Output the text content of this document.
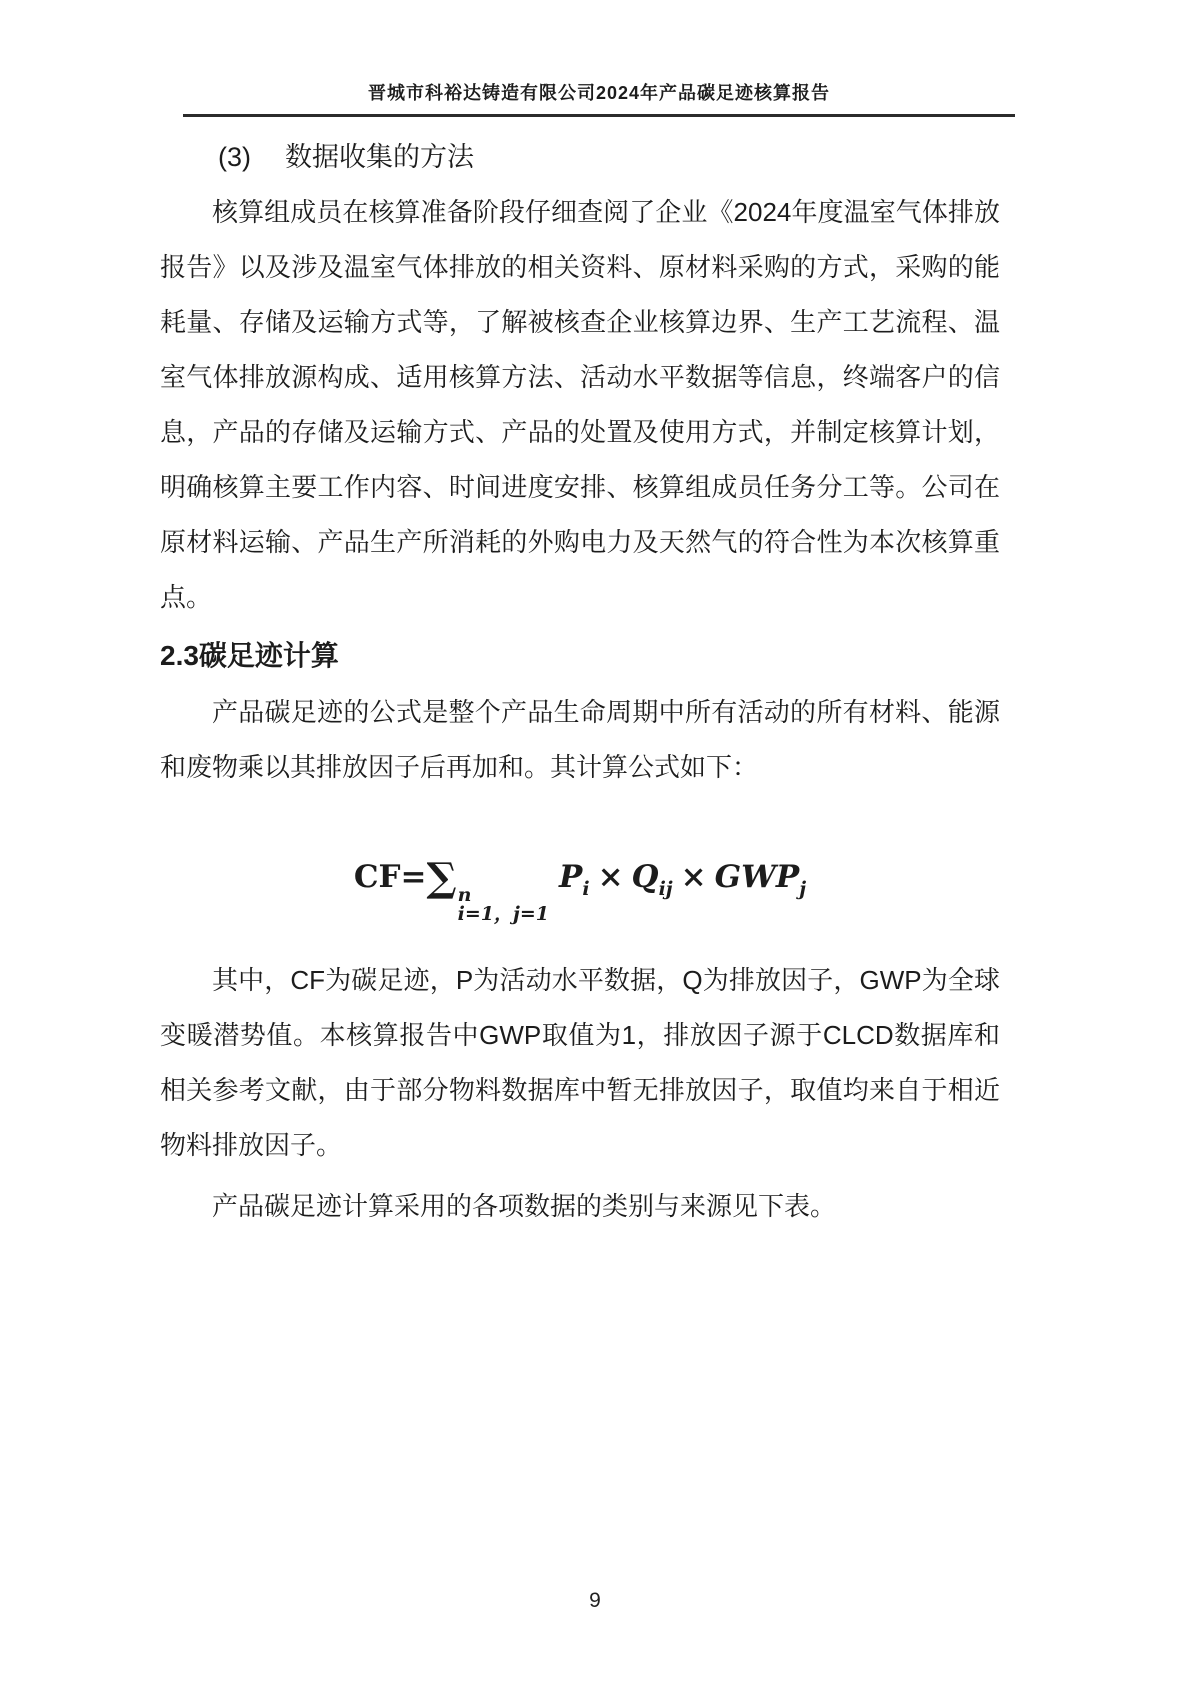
晋城市科裕达铸造有限公司2024年产品碳足迹核算报告
(3) 数据收集的方法

核算组成员在核算准备阶段仔细查阅了企业《2024年度温室气体排放报告》以及涉及温室气体排放的相关资料、原材料采购的方式，采购的能耗量、存储及运输方式等，了解被核查企业核算边界、生产工艺流程、温室气体排放源构成、适用核算方法、活动水平数据等信息，终端客户的信息，产品的存储及运输方式、产品的处置及使用方式，并制定核算计划，明确核算主要工作内容、时间进度安排、核算组成员任务分工等。公司在原材料运输、产品生产所消耗的外购电力及天然气的符合性为本次核算重点。

2.3碳足迹计算

产品碳足迹的公式是整个产品生命周期中所有活动的所有材料、能源和废物乘以其排放因子后再加和。其计算公式如下：

CF=∑ n
i=1，j=1
$P_i \times Q_{ij} \times GWP_j$

其中，CF为碳足迹，P为活动水平数据，Q为排放因子，GWP为全球变暖潜势值。本核算报告中GWP取值为1，排放因子源于CLCD数据库和相关参考文献，由于部分物料数据库中暂无排放因子，取值均来自于相近物料排放因子。

产品碳足迹计算采用的各项数据的类别与来源见下表。

9
